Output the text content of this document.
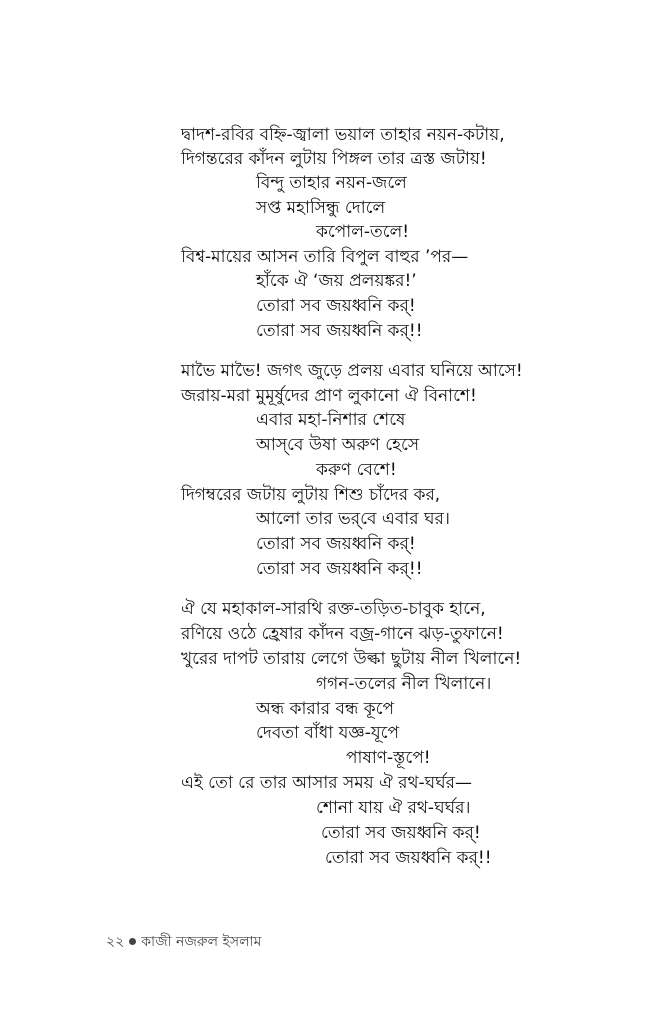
দ্বাদশ-রবির বহ্নি-জ্বালা ভয়াল তাহার নয়ন-কটায়,
দিগন্তরের কাঁদন লুটায় পিঙ্গল তার ত্রস্ত জটায়!
বিন্দু তাহার নয়ন-জলে
সপ্ত মহাসিন্ধু দোলে
কপোল-তলে!
বিশ্ব-মায়ের আসন তারি বিপুল বাহুর ’পর—
হাঁকে ঐ ‘জয় প্রলয়ঙ্কর!’
তোরা সব জয়ধ্বনি কর্!
তোরা সব জয়ধ্বনি কর্!!
মাভৈ মাভৈ! জগৎ জুড়ে প্রলয় এবার ঘনিয়ে আসে!
জরায়-মরা মুমূর্ষুদের প্রাণ লুকানো ঐ বিনাশে!
এবার মহা-নিশার শেষে
আস্‌বে উষা অরুণ হেসে
করুণ বেশে!
দিগম্বরের জটায় লুটায় শিশু চাঁদের কর,
আলো তার ভর্‌বে এবার ঘর।
তোরা সব জয়ধ্বনি কর্!
তোরা সব জয়ধ্বনি কর্!!
ঐ যে মহাকাল-সারথি রক্ত-তড়িত-চাবুক হানে,
রণিয়ে ওঠে হ্রেষার কাঁদন বজ্র-গানে ঝড়-তুফানে!
খুরের দাপট তারায় লেগে উল্কা ছুটায় নীল খিলানে!
গগন-তলের নীল খিলানে।
অন্ধ কারার বন্ধ কূপে
দেবতা বাঁধা যজ্ঞ-যূপে
পাষাণ-স্তূপে!
এই তো রে তার আসার সময় ঐ রথ-ঘর্ঘর—
শোনা যায় ঐ রথ-ঘর্ঘর।
তোরা সব জয়ধ্বনি কর্!
তোরা সব জয়ধ্বনি কর্!!
২২ কাজী নজরুল ইসলাম
